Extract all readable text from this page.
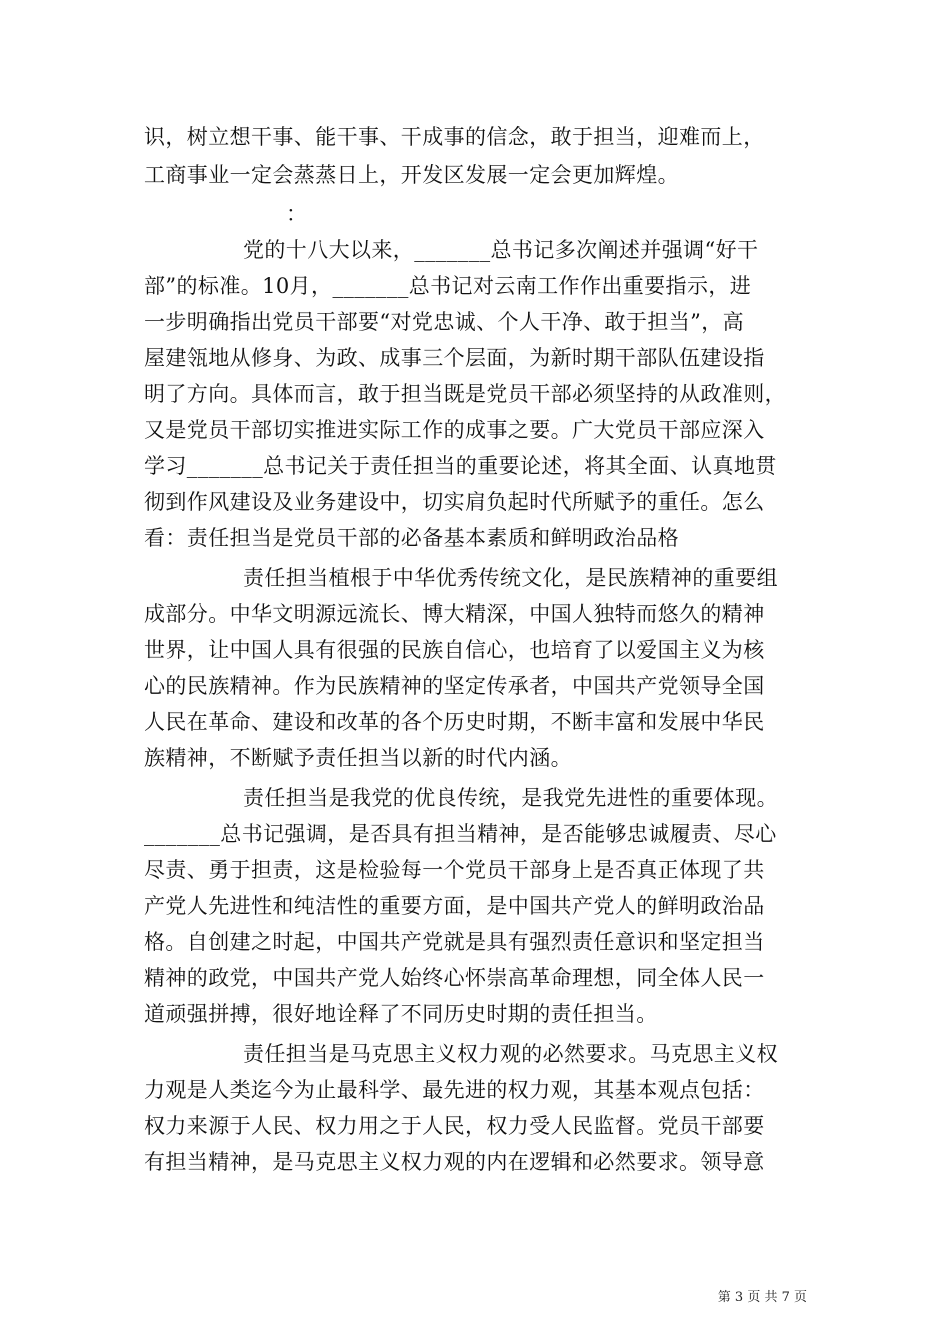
识，树立想干事、能干事、干成事的信念，敢于担当，迎难而上，
工商事业一定会蒸蒸日上，开发区发展一定会更加辉煌。
：
党的十八大以来，_______总书记多次阐述并强调“好干
部”的标准。10月，_______总书记对云南工作作出重要指示，进
一步明确指出党员干部要“对党忠诚、个人干净、敢于担当”，高
屋建瓴地从修身、为政、成事三个层面，为新时期干部队伍建设指
明了方向。具体而言，敢于担当既是党员干部必须坚持的从政准则，
又是党员干部切实推进实际工作的成事之要。广大党员干部应深入
学习_______总书记关于责任担当的重要论述，将其全面、认真地贯
彻到作风建设及业务建设中，切实肩负起时代所赋予的重任。怎么
看：责任担当是党员干部的必备基本素质和鲜明政治品格
责任担当植根于中华优秀传统文化，是民族精神的重要组
成部分。中华文明源远流长、博大精深，中国人独特而悠久的精神
世界，让中国人具有很强的民族自信心，也培育了以爱国主义为核
心的民族精神。作为民族精神的坚定传承者，中国共产党领导全国
人民在革命、建设和改革的各个历史时期，不断丰富和发展中华民
族精神，不断赋予责任担当以新的时代内涵。
责任担当是我党的优良传统，是我党先进性的重要体现。
_______总书记强调，是否具有担当精神，是否能够忠诚履责、尽心
尽责、勇于担责，这是检验每一个党员干部身上是否真正体现了共
产党人先进性和纯洁性的重要方面，是中国共产党人的鲜明政治品
格。自创建之时起，中国共产党就是具有强烈责任意识和坚定担当
精神的政党，中国共产党人始终心怀崇高革命理想，同全体人民一
道顽强拼搏，很好地诠释了不同历史时期的责任担当。
责任担当是马克思主义权力观的必然要求。马克思主义权
力观是人类迄今为止最科学、最先进的权力观，其基本观点包括：
权力来源于人民、权力用之于人民，权力受人民监督。党员干部要
有担当精神，是马克思主义权力观的内在逻辑和必然要求。领导意
第 3 页 共 7 页
